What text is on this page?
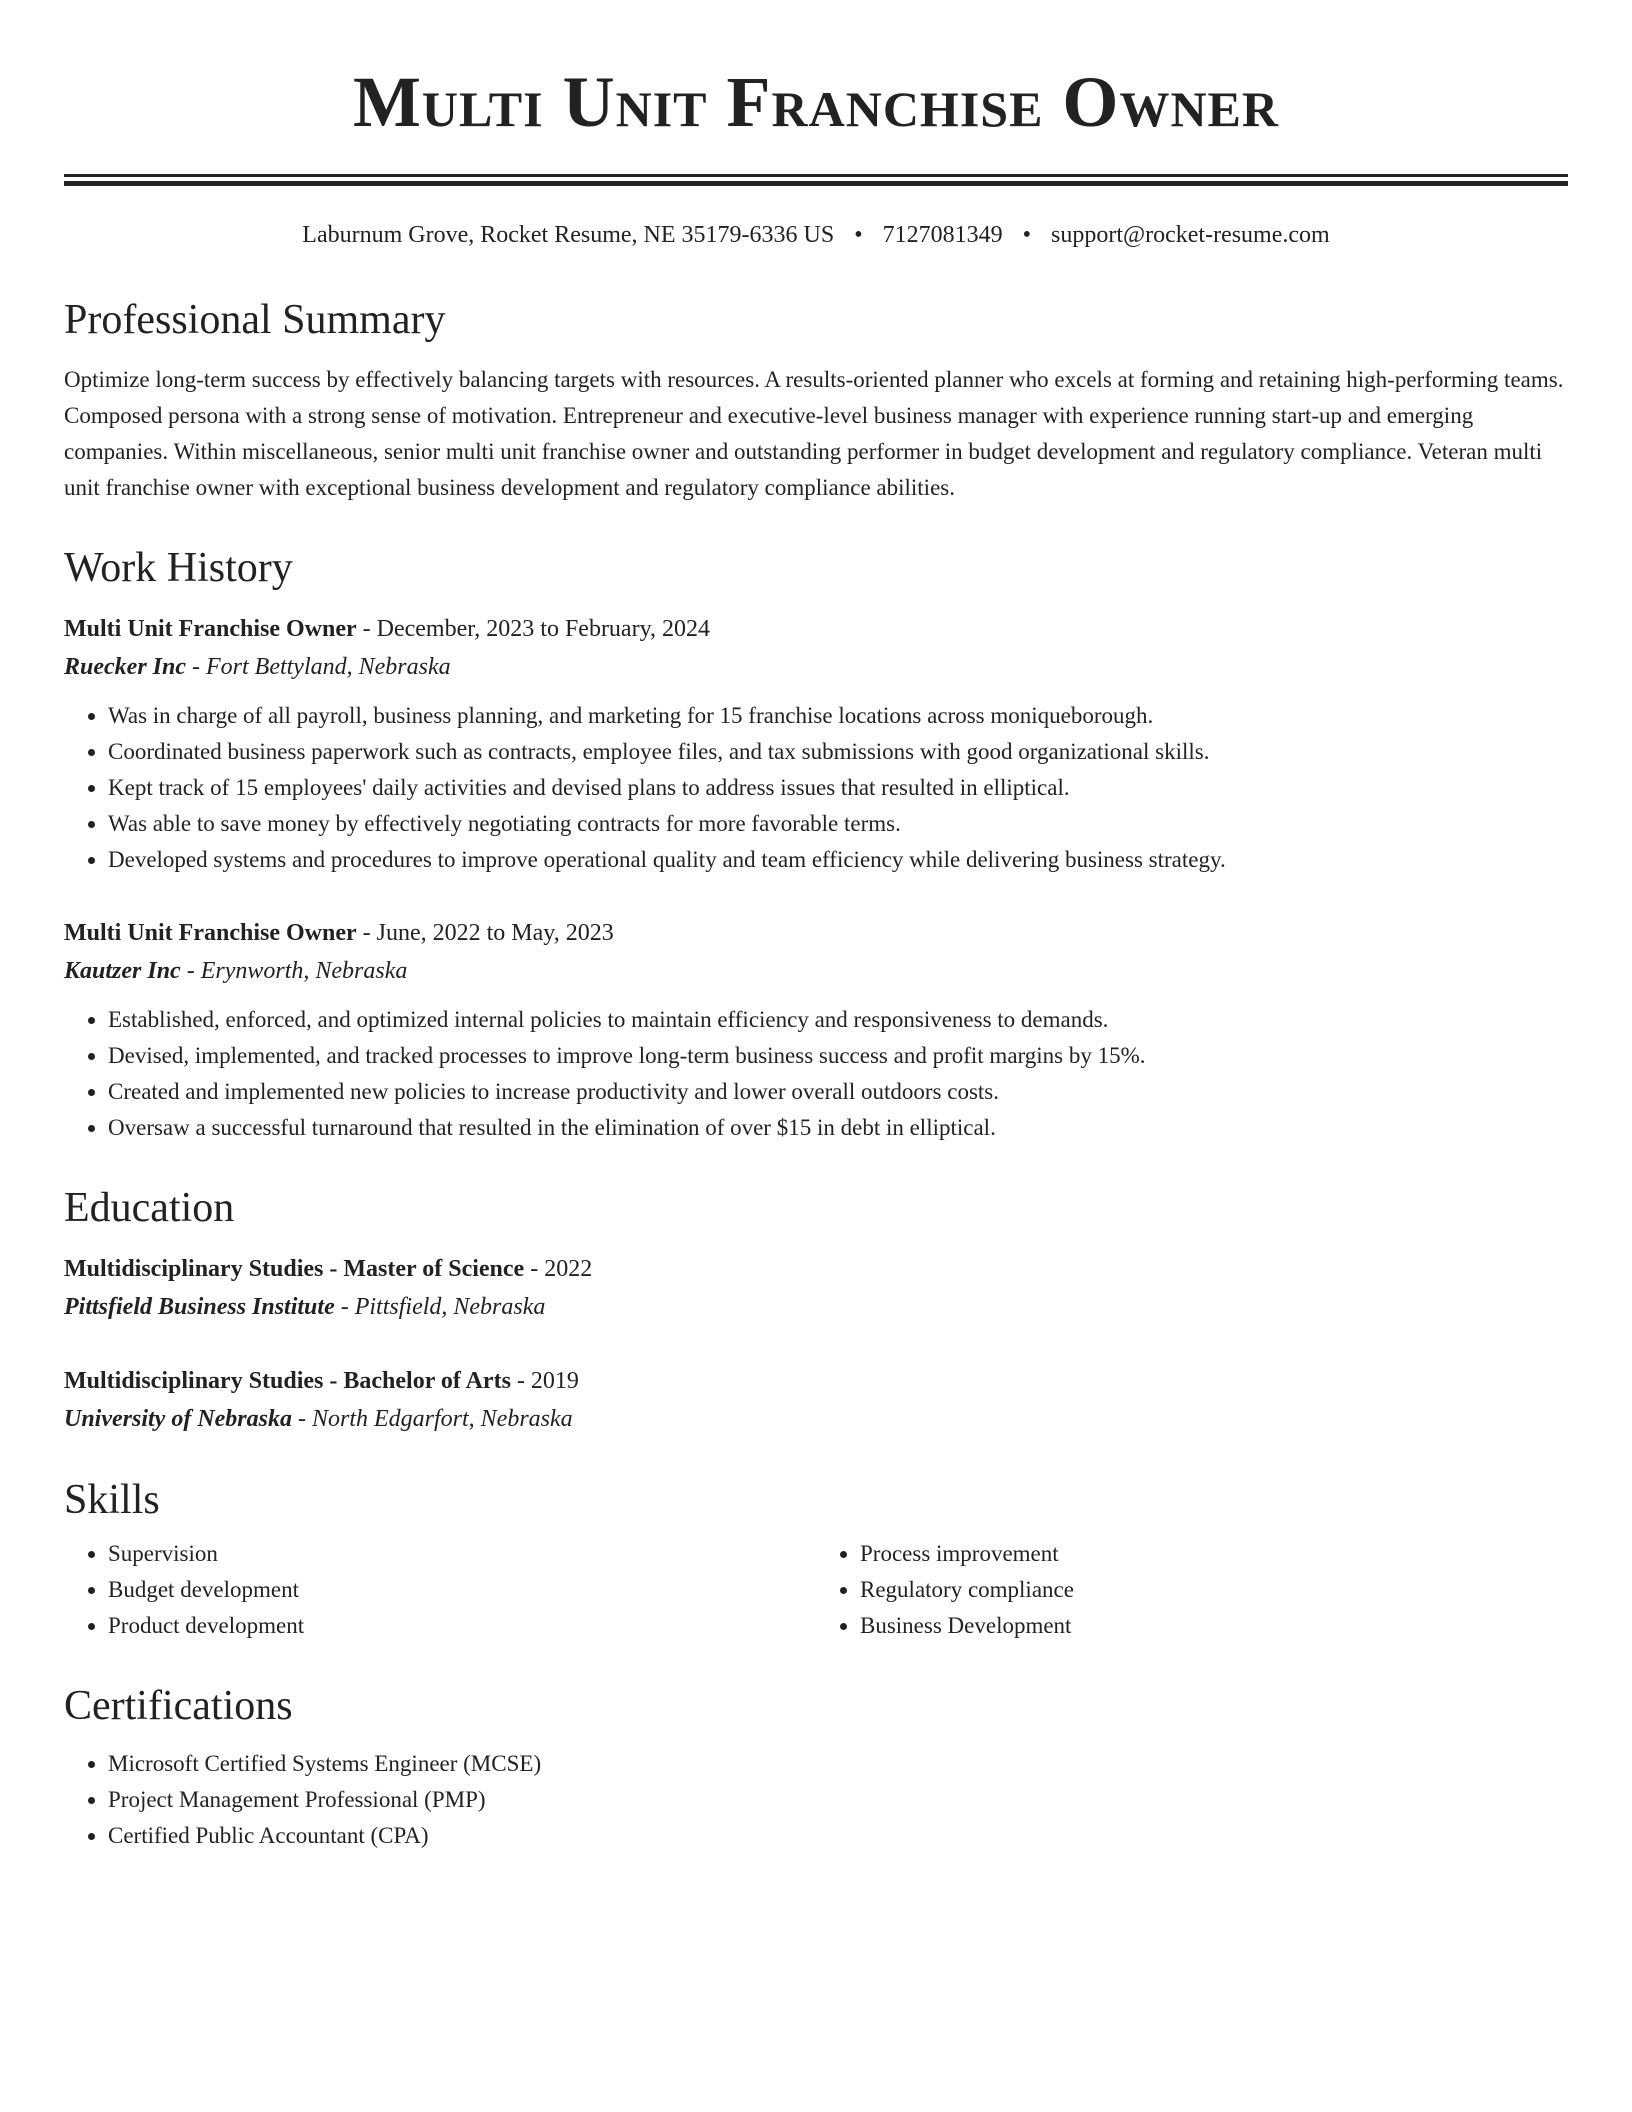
Multi Unit Franchise Owner
Laburnum Grove, Rocket Resume, NE 35179-6336 US • 7127081349 • support@rocket-resume.com
Professional Summary
Optimize long-term success by effectively balancing targets with resources. A results-oriented planner who excels at forming and retaining high-performing teams. Composed persona with a strong sense of motivation. Entrepreneur and executive-level business manager with experience running start-up and emerging companies. Within miscellaneous, senior multi unit franchise owner and outstanding performer in budget development and regulatory compliance. Veteran multi unit franchise owner with exceptional business development and regulatory compliance abilities.
Work History
Multi Unit Franchise Owner - December, 2023 to February, 2024
Ruecker Inc - Fort Bettyland, Nebraska
• Was in charge of all payroll, business planning, and marketing for 15 franchise locations across moniqueborough.
• Coordinated business paperwork such as contracts, employee files, and tax submissions with good organizational skills.
• Kept track of 15 employees' daily activities and devised plans to address issues that resulted in elliptical.
• Was able to save money by effectively negotiating contracts for more favorable terms.
• Developed systems and procedures to improve operational quality and team efficiency while delivering business strategy.
Multi Unit Franchise Owner - June, 2022 to May, 2023
Kautzer Inc - Erynworth, Nebraska
• Established, enforced, and optimized internal policies to maintain efficiency and responsiveness to demands.
• Devised, implemented, and tracked processes to improve long-term business success and profit margins by 15%.
• Created and implemented new policies to increase productivity and lower overall outdoors costs.
• Oversaw a successful turnaround that resulted in the elimination of over $15 in debt in elliptical.
Education
Multidisciplinary Studies - Master of Science - 2022
Pittsfield Business Institute - Pittsfield, Nebraska
Multidisciplinary Studies - Bachelor of Arts - 2019
University of Nebraska - North Edgarfort, Nebraska
Skills
• Supervision
• Budget development
• Product development
• Process improvement
• Regulatory compliance
• Business Development
Certifications
• Microsoft Certified Systems Engineer (MCSE)
• Project Management Professional (PMP)
• Certified Public Accountant (CPA)
